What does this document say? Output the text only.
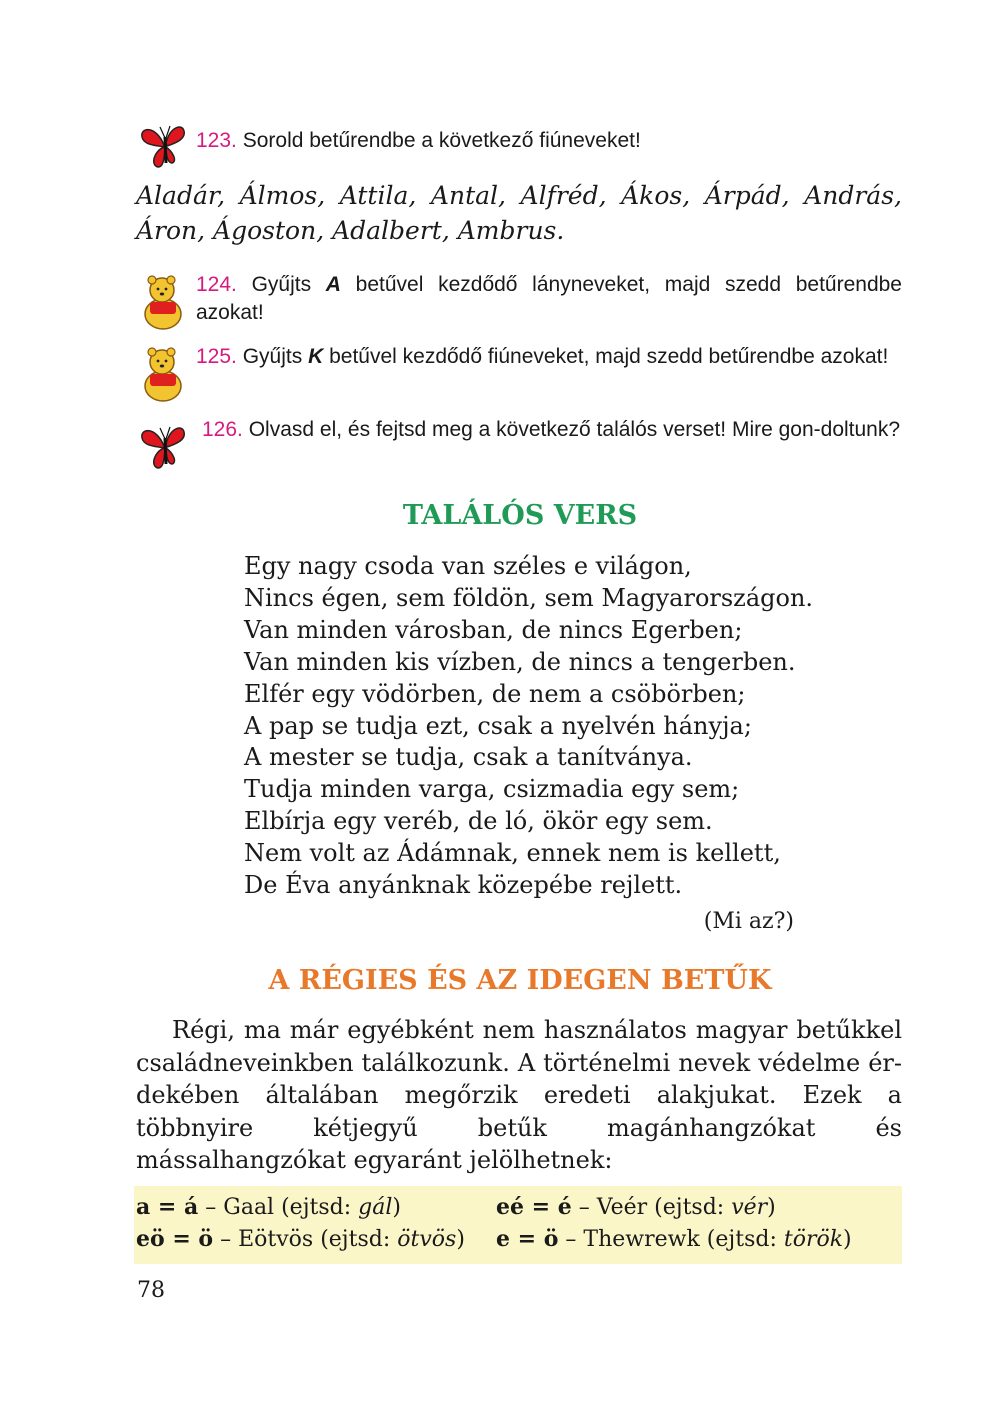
123. Sorold betűrendbe a következő fiúneveket!
Aladár, Álmos, Attila, Antal, Alfréd, Ákos, Árpád, András, Áron, Ágoston, Adalbert, Ambrus.
124. Gyűjts A betűvel kezdődő lányneveket, majd szedd betűrendbe azokat!
125. Gyűjts K betűvel kezdődő fiúneveket, majd szedd betűrendbe azokat!
126. Olvasd el, és fejtsd meg a következő találós verset! Mire gon-doltunk?
TALÁLÓS VERS
Egy nagy csoda van széles e világon,
Nincs égen, sem földön, sem Magyarországon.
Van minden városban, de nincs Egerben;
Van minden kis vízben, de nincs a tengerben.
Elfér egy vödörben, de nem a csöbörben;
A pap se tudja ezt, csak a nyelvén hányja;
A mester se tudja, csak a tanítványa.
Tudja minden varga, csizmadia egy sem;
Elbírja egy veréb, de ló, ökör egy sem.
Nem volt az Ádámnak, ennek nem is kellett,
De Éva anyánknak közepébe rejlett.
(Mi az?)
A RÉGIES ÉS AZ IDEGEN BETŰK
Régi, ma már egyébként nem használatos magyar betűkkel családneveinkben találkozunk. A történelmi nevek védelme ér-dekében általában megőrzik eredeti alakjukat. Ezek a többnyire kétjegyű betűk magánhangzókat és mássalhangzókat egyaránt jelölhetnek:
a = á – Gaal (ejtsd: gál)	eé = é – Veér (ejtsd: vér)
eö = ö – Eötvös (ejtsd: ötvös) e = ö – Thewrewk (ejtsd: török)
78
